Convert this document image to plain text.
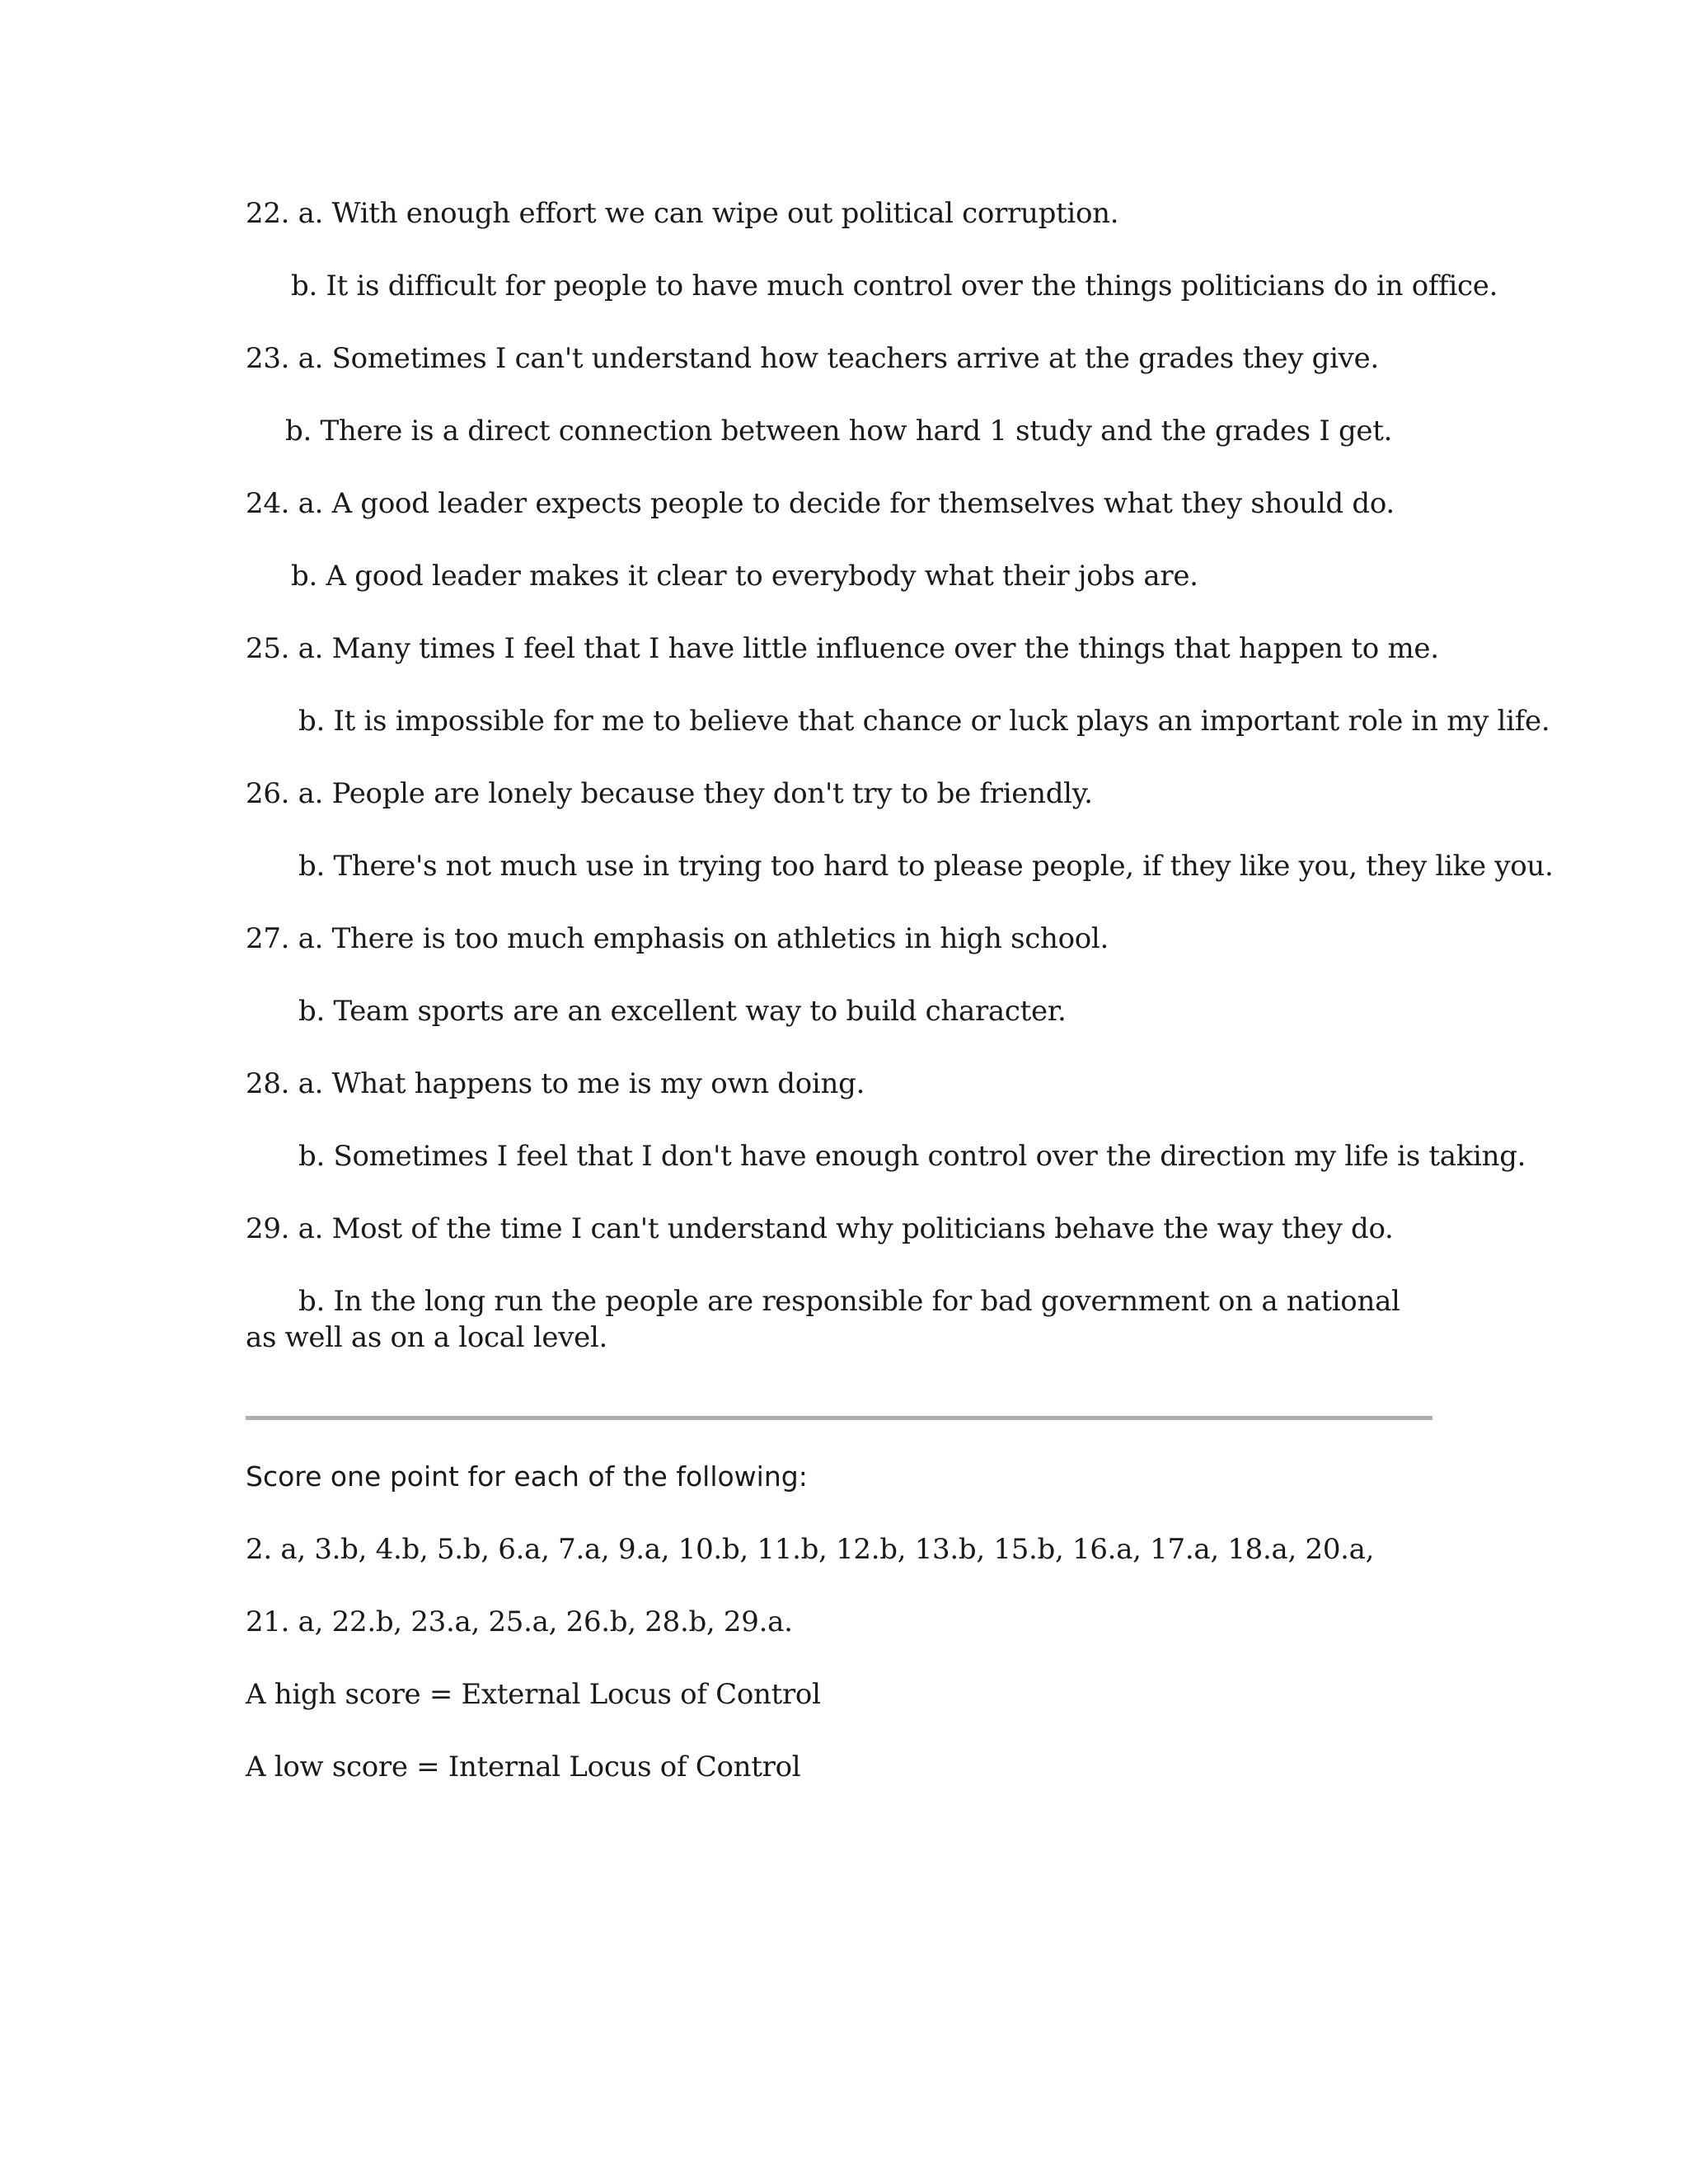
22. a. With enough effort we can wipe out political corruption.
b. It is difficult for people to have much control over the things politicians do in office.
23. a. Sometimes I can't understand how teachers arrive at the grades they give.
b. There is a direct connection between how hard 1 study and the grades I get.
24. a. A good leader expects people to decide for themselves what they should do.
b. A good leader makes it clear to everybody what their jobs are.
25. a. Many times I feel that I have little influence over the things that happen to me.
b. It is impossible for me to believe that chance or luck plays an important role in my life.
26. a. People are lonely because they don't try to be friendly.
b. There's not much use in trying too hard to please people, if they like you, they like you.
27. a. There is too much emphasis on athletics in high school.
b. Team sports are an excellent way to build character.
28. a. What happens to me is my own doing.
b. Sometimes I feel that I don't have enough control over the direction my life is taking.
29. a. Most of the time I can't understand why politicians behave the way they do.
b. In the long run the people are responsible for bad government on a national as well as on a local level.
Score one point for each of the following:
2. a, 3.b, 4.b, 5.b, 6.a, 7.a, 9.a, 10.b, 11.b, 12.b, 13.b, 15.b, 16.a, 17.a, 18.a, 20.a,
21. a, 22.b, 23.a, 25.a, 26.b, 28.b, 29.a.
A high score = External Locus of Control
A low score = Internal Locus of Control
